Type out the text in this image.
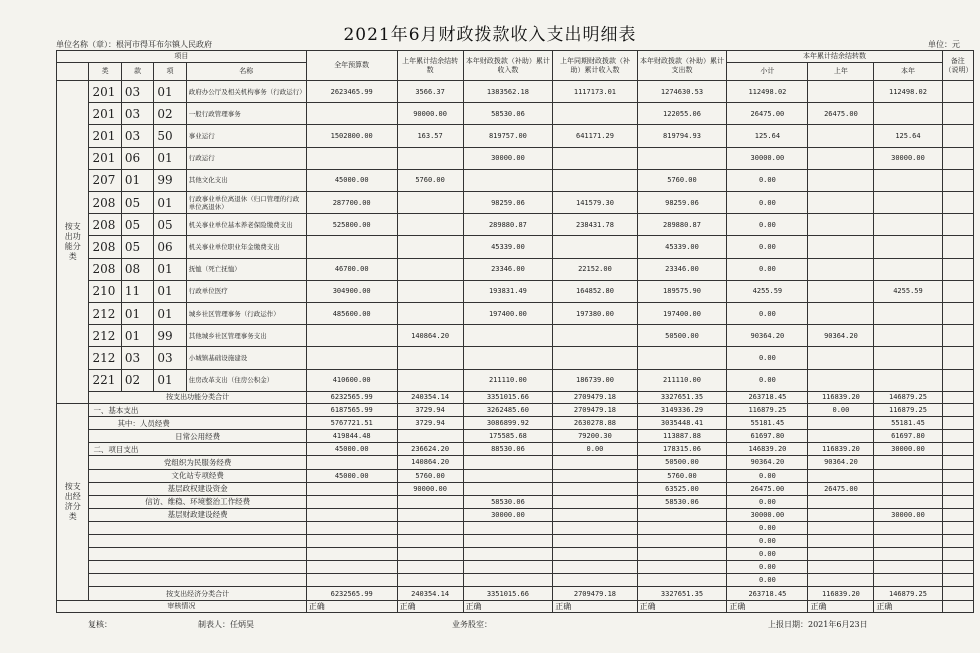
2021年6月财政拨款收入支出明细表
单位名称（章）：根河市得耳布尔镇人民政府	单位：元
项目					全年预算数	上年累计结余结转数	本年财政拨款（补助）累计收入数	上年同期财政拨款（补助）累计收入数	本年财政拨款（补助）累计支出数	本年累计结余结转数			备注（说明）
	类	款	项	名称						小计	上年	本年	
按支出功能分类	201	03	01	政府办公厅及相关机构事务（行政运行）	2623465.99	3566.37	1383562.18	1117173.01	1274630.53	112498.02		112498.02	
	201	03	02	一般行政管理事务		90000.00	58530.06		122055.06	26475.00	26475.00		
	201	03	50	事业运行	1502800.00	163.57	819757.00	641171.29	819794.93	125.64		125.64	
	201	06	01	行政运行			30000.00			30000.00		30000.00	
	207	01	99	其他文化支出	45000.00	5760.00			5760.00	0.00			
	208	05	01	行政事业单位离退休（归口管理的行政单位离退休）	287700.00		98259.06	141579.30	98259.06	0.00			
	208	05	05	机关事业单位基本养老保险缴费支出	525800.00		289880.87	238431.78	289880.87	0.00			
	208	05	06	机关事业单位职业年金缴费支出			45339.00		45339.00	0.00			
	208	08	01	抚恤（死亡抚恤）	46700.00		23346.00	22152.00	23346.00	0.00			
	210	11	01	行政单位医疗	304900.00		193831.49	164852.80	189575.90	4255.59		4255.59	
	212	01	01	城乡社区管理事务（行政运作）	485600.00		197400.00	197380.00	197400.00	0.00			
	212	01	99	其他城乡社区管理事务支出		140864.20			50500.00	90364.20	90364.20		
	212	03	03	小城镇基础设施建设						0.00			
	221	02	01	住房改革支出（住房公积金）	410600.00		211110.00	186739.00	211110.00	0.00			
	按支出功能分类合计				6232565.99	240354.14	3351015.66	2709479.18	3327651.35	263718.45	116839.20	146879.25	
按支出经济分类	一、基本支出				6187565.99	3729.94	3262485.60	2709479.18	3149336.29	116879.25	0.00	116879.25	
	其中：人员经费				5767721.51	3729.94	3086899.92	2630278.88	3035448.41	55181.45		55181.45	
	日常公用经费				419844.48		175585.68	79200.30	113887.88	61697.80		61697.80	
	二、项目支出				45000.00	236624.20	88530.06	0.00	178315.06	146839.20	116839.20	30000.00	
	党组织为民服务经费					140864.20			50500.00	90364.20	90364.20		
	文化站专项经费				45000.00	5760.00			5760.00	0.00			
	基层政权建设资金					90000.00			63525.00	26475.00	26475.00		
	信访、维稳、环境整治工作经费						58530.06		58530.06	0.00			
	基层财政建设经费						30000.00			30000.00		30000.00	
										0.00			
										0.00			
										0.00			
										0.00			
										0.00			
	按支出经济分类合计				6232565.99	240354.14	3351015.66	2709479.18	3327651.35	263718.45	116839.20	146879.25	
审核情况					正确	正确	正确	正确	正确	正确	正确	正确	
复核：	制表人：任炳昊	业务股室：	上报日期：2021年6月23日
